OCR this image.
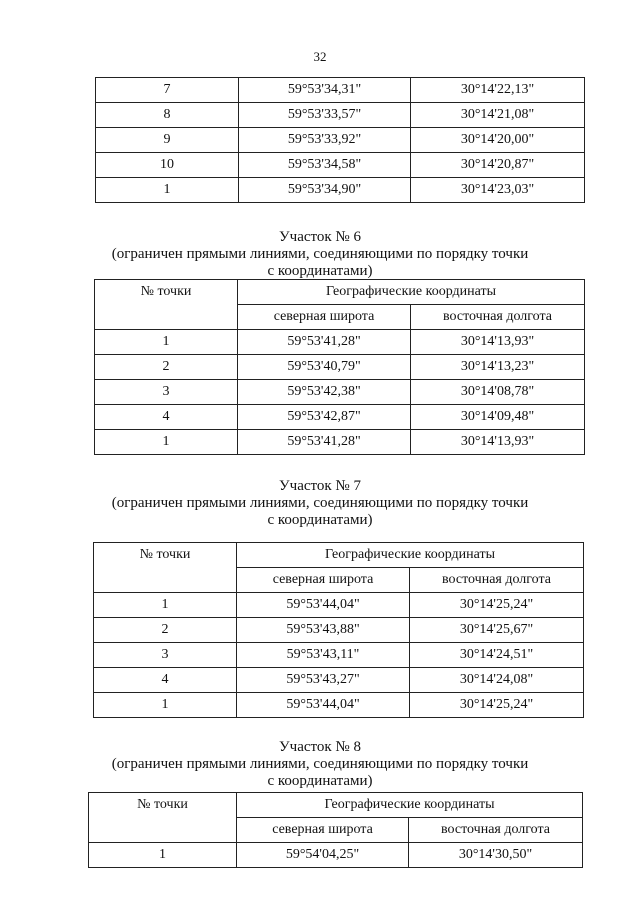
32
7	59°53'34,31"	30°14'22,13"
8	59°53'33,57"	30°14'21,08"
9	59°53'33,92"	30°14'20,00"
10	59°53'34,58"	30°14'20,87"
1	59°53'34,90"	30°14'23,03"
Участок № 6
(ограничен прямыми линиями, соединяющими по порядку точки с координатами)
№ точки	Географические координаты	
	северная широта	восточная долгота
1	59°53'41,28"	30°14'13,93"
2	59°53'40,79"	30°14'13,23"
3	59°53'42,38"	30°14'08,78"
4	59°53'42,87"	30°14'09,48"
1	59°53'41,28"	30°14'13,93"
Участок № 7
(ограничен прямыми линиями, соединяющими по порядку точки с координатами)
№ точки	Географические координаты	
	северная широта	восточная долгота
1	59°53'44,04"	30°14'25,24"
2	59°53'43,88"	30°14'25,67"
3	59°53'43,11"	30°14'24,51"
4	59°53'43,27"	30°14'24,08"
1	59°53'44,04"	30°14'25,24"
Участок № 8
(ограничен прямыми линиями, соединяющими по порядку точки с координатами)
№ точки	Географические координаты	
	северная широта	восточная долгота
1	59°54'04,25"	30°14'30,50"
